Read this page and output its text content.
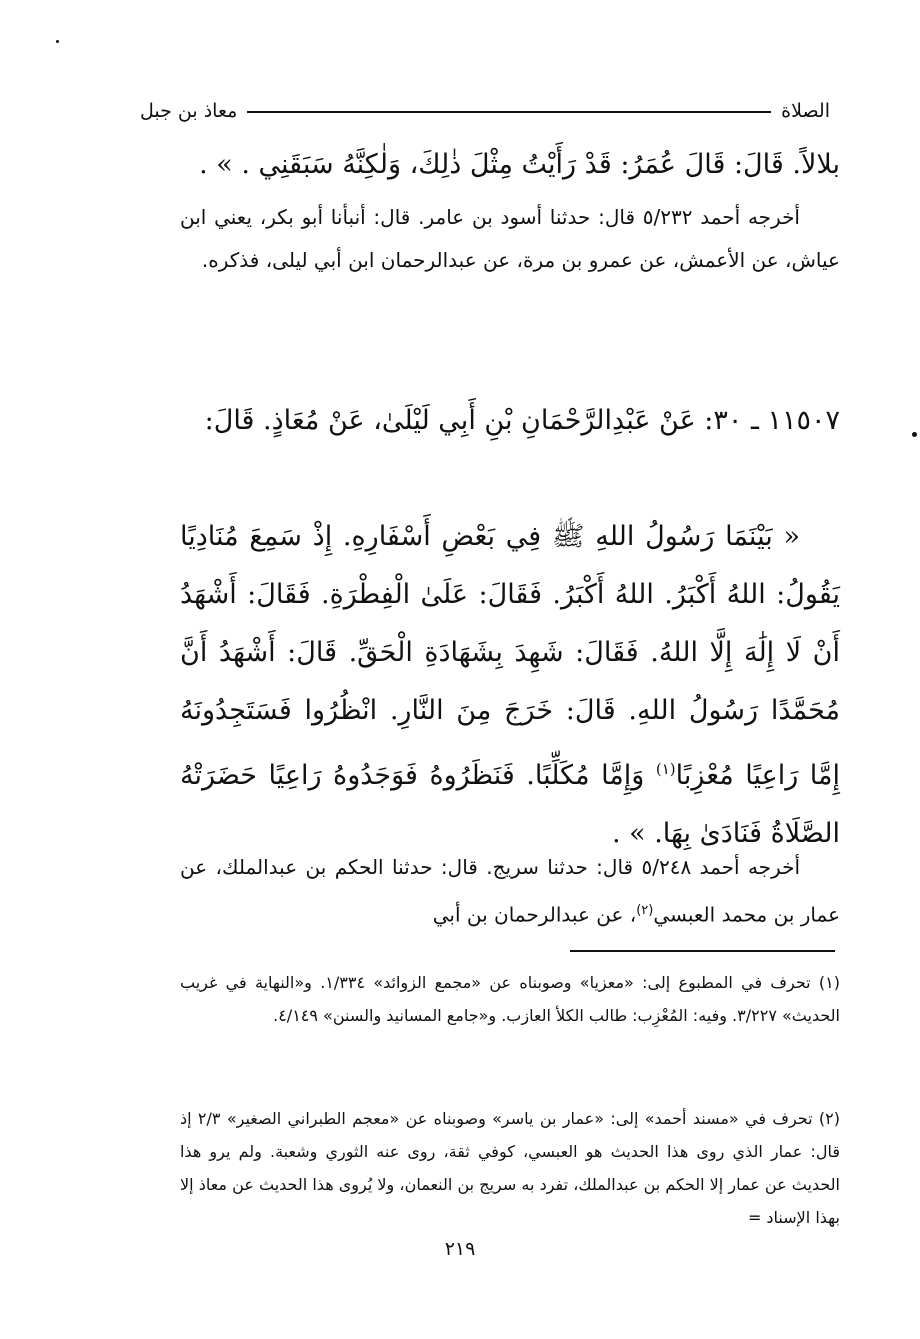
الصلاة
معاذ بن جبل
بلالاً. قَالَ: قَالَ عُمَرُ: قَدْ رَأَيْتُ مِثْلَ ذٰلِكَ، وَلٰكِنَّهُ سَبَقَنِي . » .
أخرجه أحمد ٥/٢٣٢ قال: حدثنا أسود بن عامر. قال: أنبأنا أبو بكر، يعني ابن عياش، عن الأعمش، عن عمرو بن مرة، عن عبدالرحمان ابن أبي ليلى، فذكره.
١١٥٠٧ ـ ٣٠: عَنْ عَبْدِالرَّحْمَانِ بْنِ أَبِي لَيْلَىٰ، عَنْ مُعَاذٍ. قَالَ:
« بَيْنَمَا رَسُولُ اللهِ ﷺ فِي بَعْضِ أَسْفَارِهِ. إِذْ سَمِعَ مُنَادِيًا يَقُولُ: اللهُ أَكْبَرُ. اللهُ أَكْبَرُ. فَقَالَ: عَلَىٰ الْفِطْرَةِ. فَقَالَ: أَشْهَدُ أَنْ لَا إِلَٰهَ إِلَّا اللهُ. فَقَالَ: شَهِدَ بِشَهَادَةِ الْحَقِّ. قَالَ: أَشْهَدُ أَنَّ مُحَمَّدًا رَسُولُ اللهِ. قَالَ: خَرَجَ مِنَ النَّارِ. انْظُرُوا فَسَتَجِدُونَهُ إِمَّا رَاعِيًا مُعْزِبًا$^{(١)}$ وَإِمَّا مُكَلِّبًا. فَنَظَرُوهُ فَوَجَدُوهُ رَاعِيًا حَضَرَتْهُ الصَّلَاةُ فَنَادَىٰ بِهَا. » .
أخرجه أحمد ٥/٢٤٨ قال: حدثنا سريج. قال: حدثنا الحكم بن عبدالملك، عن عمار بن محمد العبسي$^{(٢)}$، عن عبدالرحمان بن أبي
(١) تحرف في المطبوع إلى: «معزيا» وصوبناه عن «مجمع الزوائد» ١/٣٣٤. و«النهاية في غريب الحديث» ٣/٢٢٧. وفيه: المُعْزِب: طالب الكلأ العازب. و«جامع المسانيد والسنن» ٤/١٤٩.
(٢) تحرف في «مسند أحمد» إلى: «عمار بن ياسر» وصوبناه عن «معجم الطبراني الصغير» ٢/٣ إذ قال: عمار الذي روى هذا الحديث هو العبسي، كوفي ثقة، روى عنه الثوري وشعبة. ولم يرو هذا الحديث عن عمار إلا الحكم بن عبدالملك، تفرد به سريج بن النعمان، ولا يُروى هذا الحديث عن معاذ إلا بهذا الإسناد =
٢١٩
